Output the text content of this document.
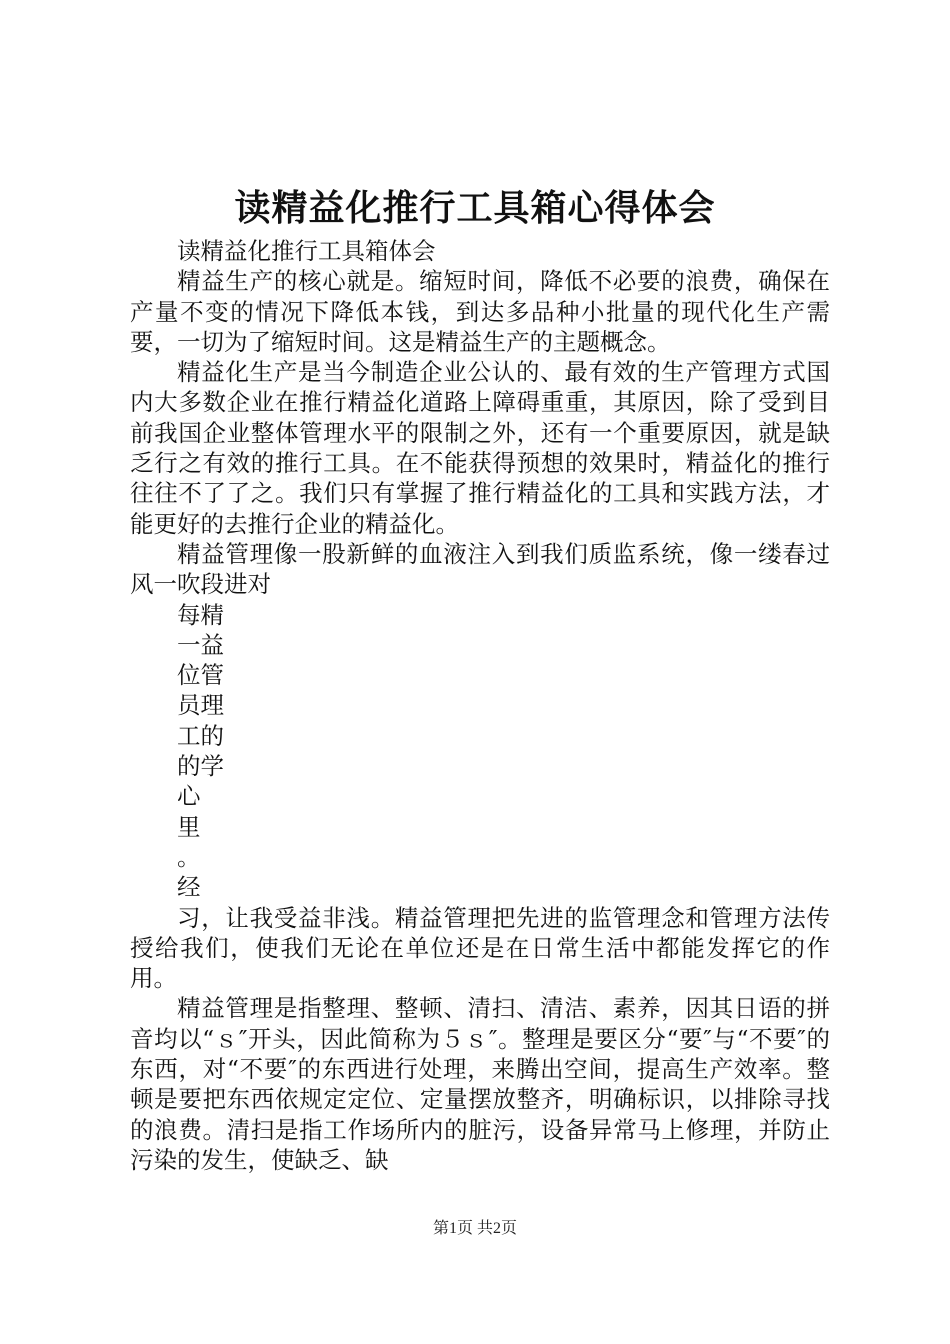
读精益化推行工具箱心得体会

读精益化推行工具箱体会

精益生产的核心就是。缩短时间，降低不必要的浪费，确保在产量不变的情况下降低本钱，到达多品种小批量的现代化生产需要，一切为了缩短时间。这是精益生产的主题概念。

精益化生产是当今制造企业公认的、最有效的生产管理方式国内大多数企业在推行精益化道路上障碍重重，其原因，除了受到目前我国企业整体管理水平的限制之外，还有一个重要原因，就是缺乏行之有效的推行工具。在不能获得预想的效果时，精益化的推行往往不了了之。我们只有掌握了推行精益化的工具和实践方法，才能更好的去推行企业的精益化。

精益管理像一股新鲜的血液注入到我们质监系统，像一缕春过风一吹段进对

每精
一益
位管
员理
工的
的学
心
里
。
经

习，让我受益非浅。精益管理把先进的监管理念和管理方法传授给我们，使我们无论在单位还是在日常生活中都能发挥它的作用。

精益管理是指整理、整顿、清扫、清洁、素养，因其日语的拼音均以“ｓ″开头，因此简称为５ｓ″。整理是要区分“要″与“不要″的东西，对“不要″的东西进行处理，来腾出空间，提高生产效率。整顿是要把东西依规定定位、定量摆放整齐，明确标识，以排除寻找的浪费。清扫是指工作场所内的脏污，设备异常马上修理，并防止污染的发生，使缺乏、缺

第1页 共2页
